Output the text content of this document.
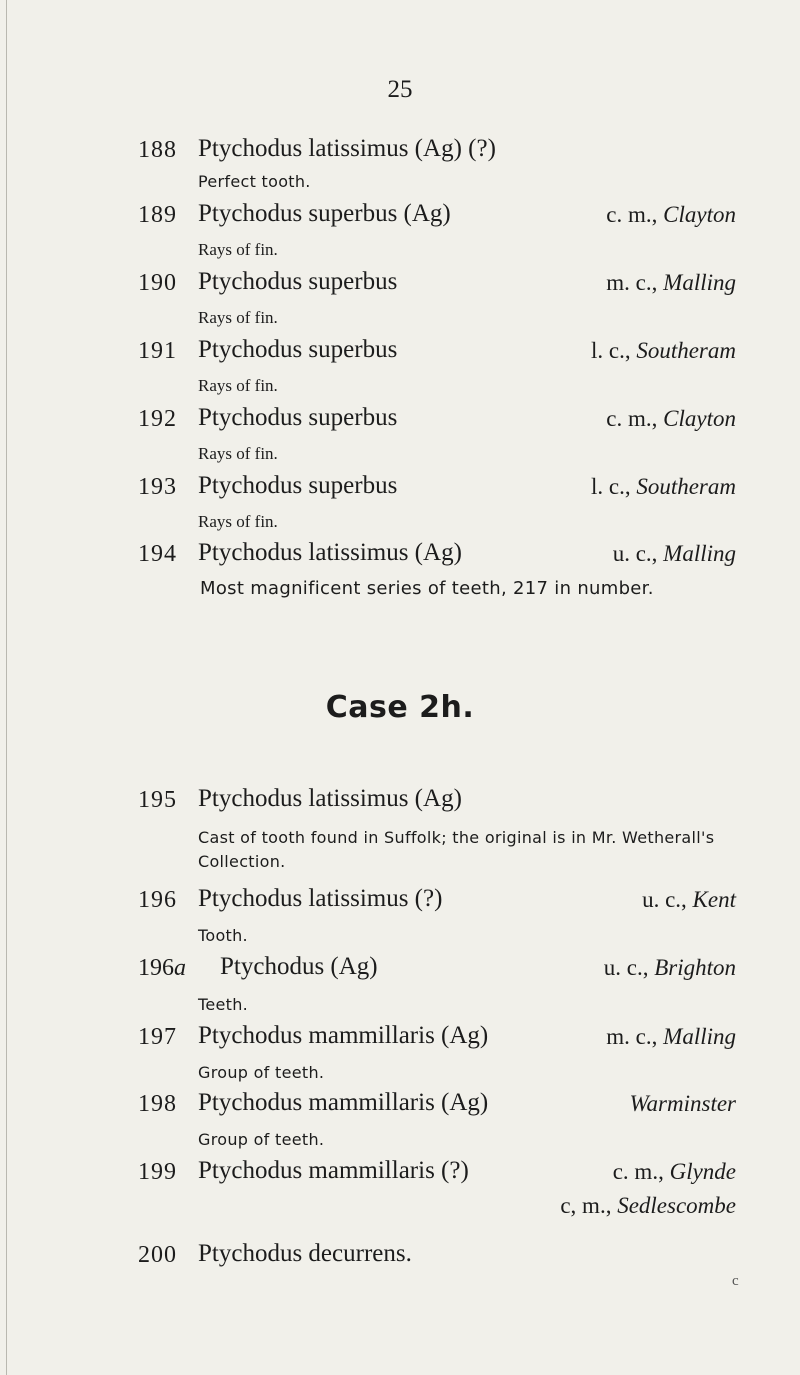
25
188 Ptychodus latissimus (Ag) (?)
Perfect tooth.
189 Ptychodus superbus (Ag)	c. m., Clayton
Rays of fin.
190 Ptychodus superbus	m. c., Malling
Rays of fin.
191 Ptychodus superbus	l. c., Southeram
Rays of fin.
192 Ptychodus superbus	c. m., Clayton
Rays of fin.
193 Ptychodus superbus	l. c., Southeram
Rays of fin.
194 Ptychodus latissimus (Ag)	u. c., Malling
Most magnificent series of teeth, 217 in number.
Case 2h.
195 Ptychodus latissimus (Ag)
Cast of tooth found in Suffolk; the original is in Mr. Wetherall's
Collection.
196 Ptychodus latissimus (?)	u. c., Kent
Tooth.
196a Ptychodus (Ag)	u. c., Brighton
Teeth.
197 Ptychodus mammillaris (Ag)	m. c., Malling
Group of teeth.
198 Ptychodus mammillaris (Ag)	Warminster
Group of teeth.
199 Ptychodus mammillaris (?)	c. m., Glynde
c, m., Sedlescombe
200 Ptychodus decurrens.
c
